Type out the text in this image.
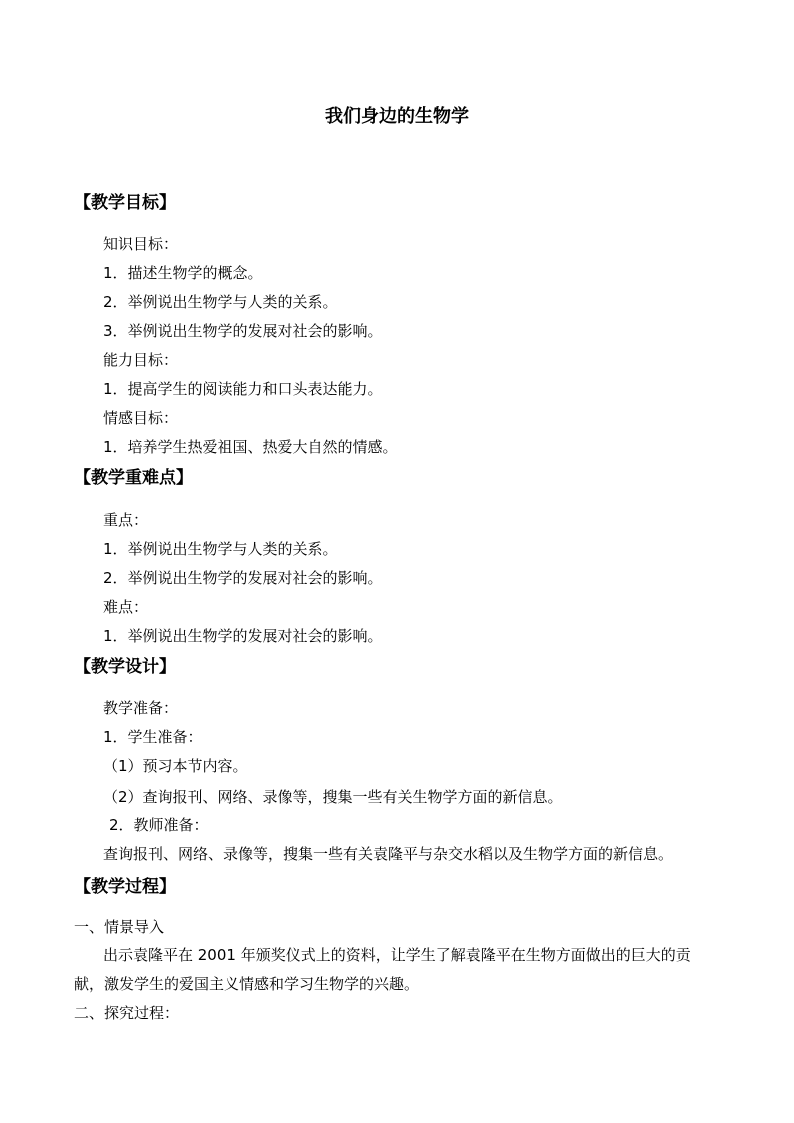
我们身边的生物学
【教学目标】
知识目标：
1．描述生物学的概念。
2．举例说出生物学与人类的关系。
3．举例说出生物学的发展对社会的影响。
能力目标：
1．提高学生的阅读能力和口头表达能力。
情感目标：
1．培养学生热爱祖国、热爱大自然的情感。
【教学重难点】
重点：
1．举例说出生物学与人类的关系。
2．举例说出生物学的发展对社会的影响。
难点：
1．举例说出生物学的发展对社会的影响。
【教学设计】
教学准备：
1．学生准备：
（1）预习本节内容。
（2）查询报刊、网络、录像等，搜集一些有关生物学方面的新信息。
2．教师准备：
查询报刊、网络、录像等，搜集一些有关袁隆平与杂交水稻以及生物学方面的新信息。
【教学过程】
一、情景导入
出示袁隆平在 2001 年颁奖仪式上的资料，让学生了解袁隆平在生物方面做出的巨大的贡
献，激发学生的爱国主义情感和学习生物学的兴趣。
二、探究过程：
